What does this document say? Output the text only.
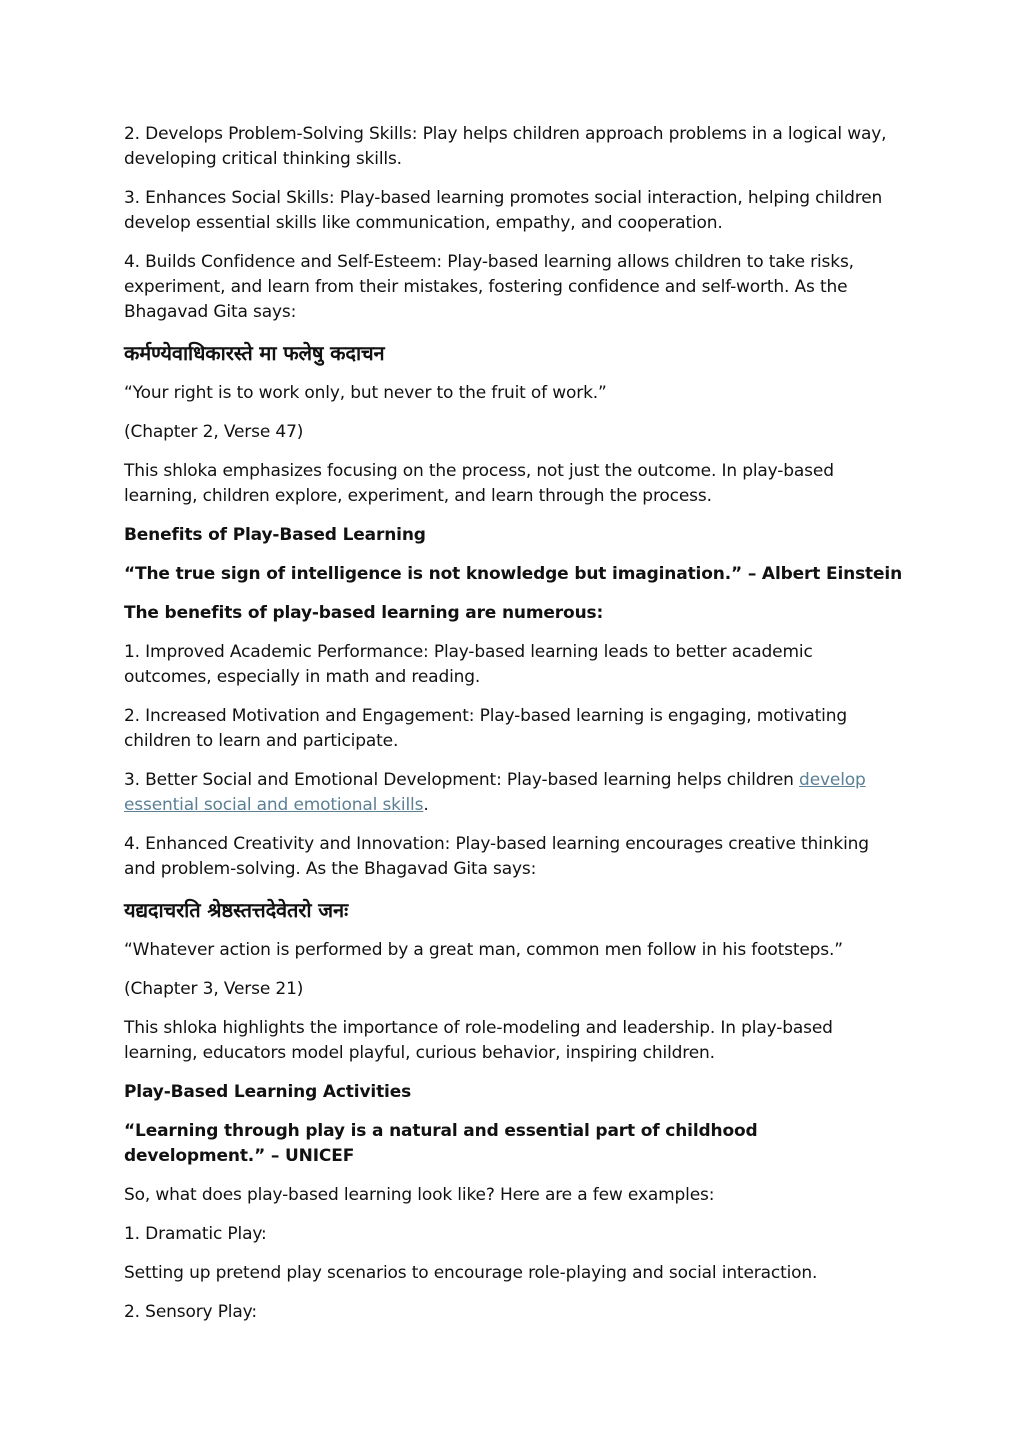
2. Develops Problem-Solving Skills: Play helps children approach problems in a logical way, developing critical thinking skills.

3. Enhances Social Skills: Play-based learning promotes social interaction, helping children develop essential skills like communication, empathy, and cooperation.

4. Builds Confidence and Self-Esteem: Play-based learning allows children to take risks, experiment, and learn from their mistakes, fostering confidence and self-worth. As the Bhagavad Gita says:

कर्मण्येवाधिकारस्ते मा फलेषु कदाचन

“Your right is to work only, but never to the fruit of work.”

(Chapter 2, Verse 47)

This shloka emphasizes focusing on the process, not just the outcome. In play-based learning, children explore, experiment, and learn through the process.

Benefits of Play-Based Learning

“The true sign of intelligence is not knowledge but imagination.” – Albert Einstein

The benefits of play-based learning are numerous:

1. Improved Academic Performance: Play-based learning leads to better academic outcomes, especially in math and reading.

2. Increased Motivation and Engagement: Play-based learning is engaging, motivating children to learn and participate.

3. Better Social and Emotional Development: Play-based learning helps children develop essential social and emotional skills.

4. Enhanced Creativity and Innovation: Play-based learning encourages creative thinking and problem-solving. As the Bhagavad Gita says:

यद्यदाचरति श्रेष्ठस्तत्तदेवेतरो जनः

“Whatever action is performed by a great man, common men follow in his footsteps.”

(Chapter 3, Verse 21)

This shloka highlights the importance of role-modeling and leadership. In play-based learning, educators model playful, curious behavior, inspiring children.

Play-Based Learning Activities

“Learning through play is a natural and essential part of childhood development.” – UNICEF

So, what does play-based learning look like? Here are a few examples:

1. Dramatic Play:

Setting up pretend play scenarios to encourage role-playing and social interaction.

2. Sensory Play:
